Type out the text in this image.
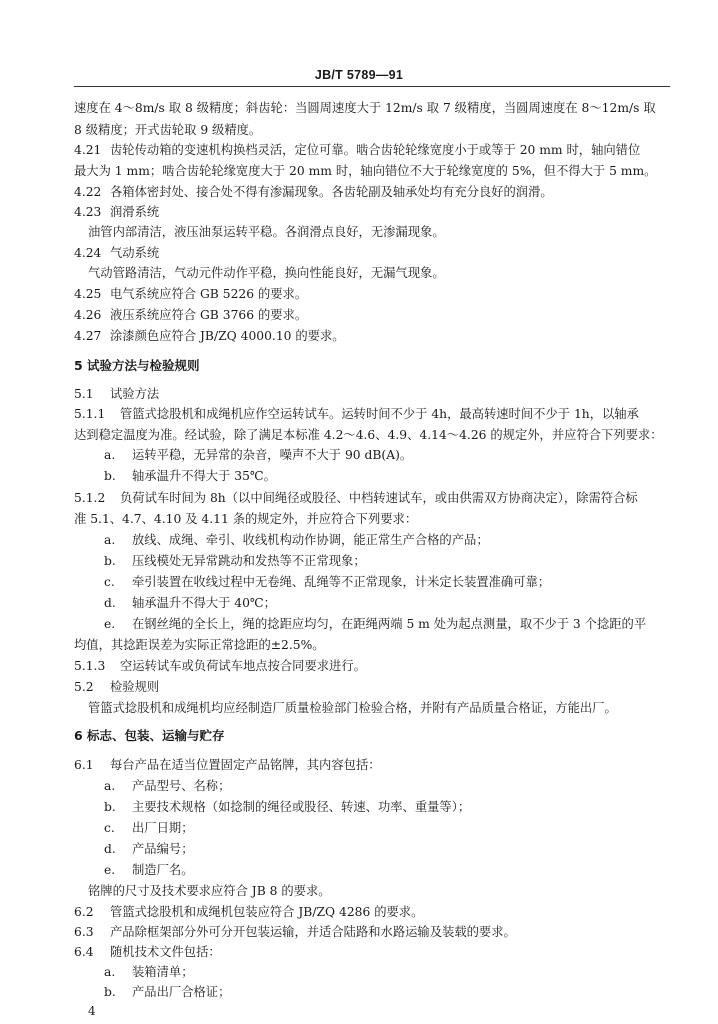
JB/T 5789—91
速度在 4～8m/s 取 8 级精度；斜齿轮：当圆周速度大于 12m/s 取 7 级精度，当圆周速度在 8～12m/s 取
8 级精度；开式齿轮取 9 级精度。
4.21 齿轮传动箱的变速机构换档灵活，定位可靠。啮合齿轮轮缘宽度小于或等于 20 mm 时，轴向错位
最大为 1 mm；啮合齿轮轮缘宽度大于 20 mm 时，轴向错位不大于轮缘宽度的 5%，但不得大于 5 mm。
4.22 各箱体密封处、接合处不得有渗漏现象。各齿轮副及轴承处均有充分良好的润滑。
4.23 润滑系统
油管内部清洁，液压油泵运转平稳。各润滑点良好，无渗漏现象。
4.24 气动系统
气动管路清洁，气动元件动作平稳，换向性能良好，无漏气现象。
4.25 电气系统应符合 GB 5226 的要求。
4.26 液压系统应符合 GB 3766 的要求。
4.27 涂漆颜色应符合 JB/ZQ 4000.10 的要求。
5 试验方法与检验规则
5.1 试验方法
5.1.1 管篮式捻股机和成绳机应作空运转试车。运转时间不少于 4h，最高转速时间不少于 1h，以轴承
达到稳定温度为准。经试验，除了满足本标准 4.2～4.6、4.9、4.14～4.26 的规定外，并应符合下列要求：
a. 运转平稳，无异常的杂音，噪声不大于 90 dB(A)。
b. 轴承温升不得大于 35℃。
5.1.2 负荷试车时间为 8h（以中间绳径或股径、中档转速试车，或由供需双方协商决定），除需符合标
准 5.1、4.7、4.10 及 4.11 条的规定外，并应符合下列要求：
a. 放线、成绳、牵引、收线机构动作协调，能正常生产合格的产品；
b. 压线模处无异常跳动和发热等不正常现象；
c. 牵引装置在收线过程中无卷绳、乱绳等不正常现象，计米定长装置准确可靠；
d. 轴承温升不得大于 40℃；
e. 在钢丝绳的全长上，绳的捻距应均匀，在距绳两端 5 m 处为起点测量，取不少于 3 个捻距的平
均值，其捻距误差为实际正常捻距的±2.5%。
5.1.3 空运转试车或负荷试车地点按合同要求进行。
5.2 检验规则
管篮式捻股机和成绳机均应经制造厂质量检验部门检验合格，并附有产品质量合格证，方能出厂。
6 标志、包装、运输与贮存
6.1 每台产品在适当位置固定产品铭牌，其内容包括：
a. 产品型号、名称；
b. 主要技术规格（如捻制的绳径或股径、转速、功率、重量等）；
c. 出厂日期；
d. 产品编号；
e. 制造厂名。
铭牌的尺寸及技术要求应符合 JB 8 的要求。
6.2 管篮式捻股机和成绳机包装应符合 JB/ZQ 4286 的要求。
6.3 产品除框架部分外可分开包装运输，并适合陆路和水路运输及装载的要求。
6.4 随机技术文件包括：
a. 装箱清单；
b. 产品出厂合格证；
4
